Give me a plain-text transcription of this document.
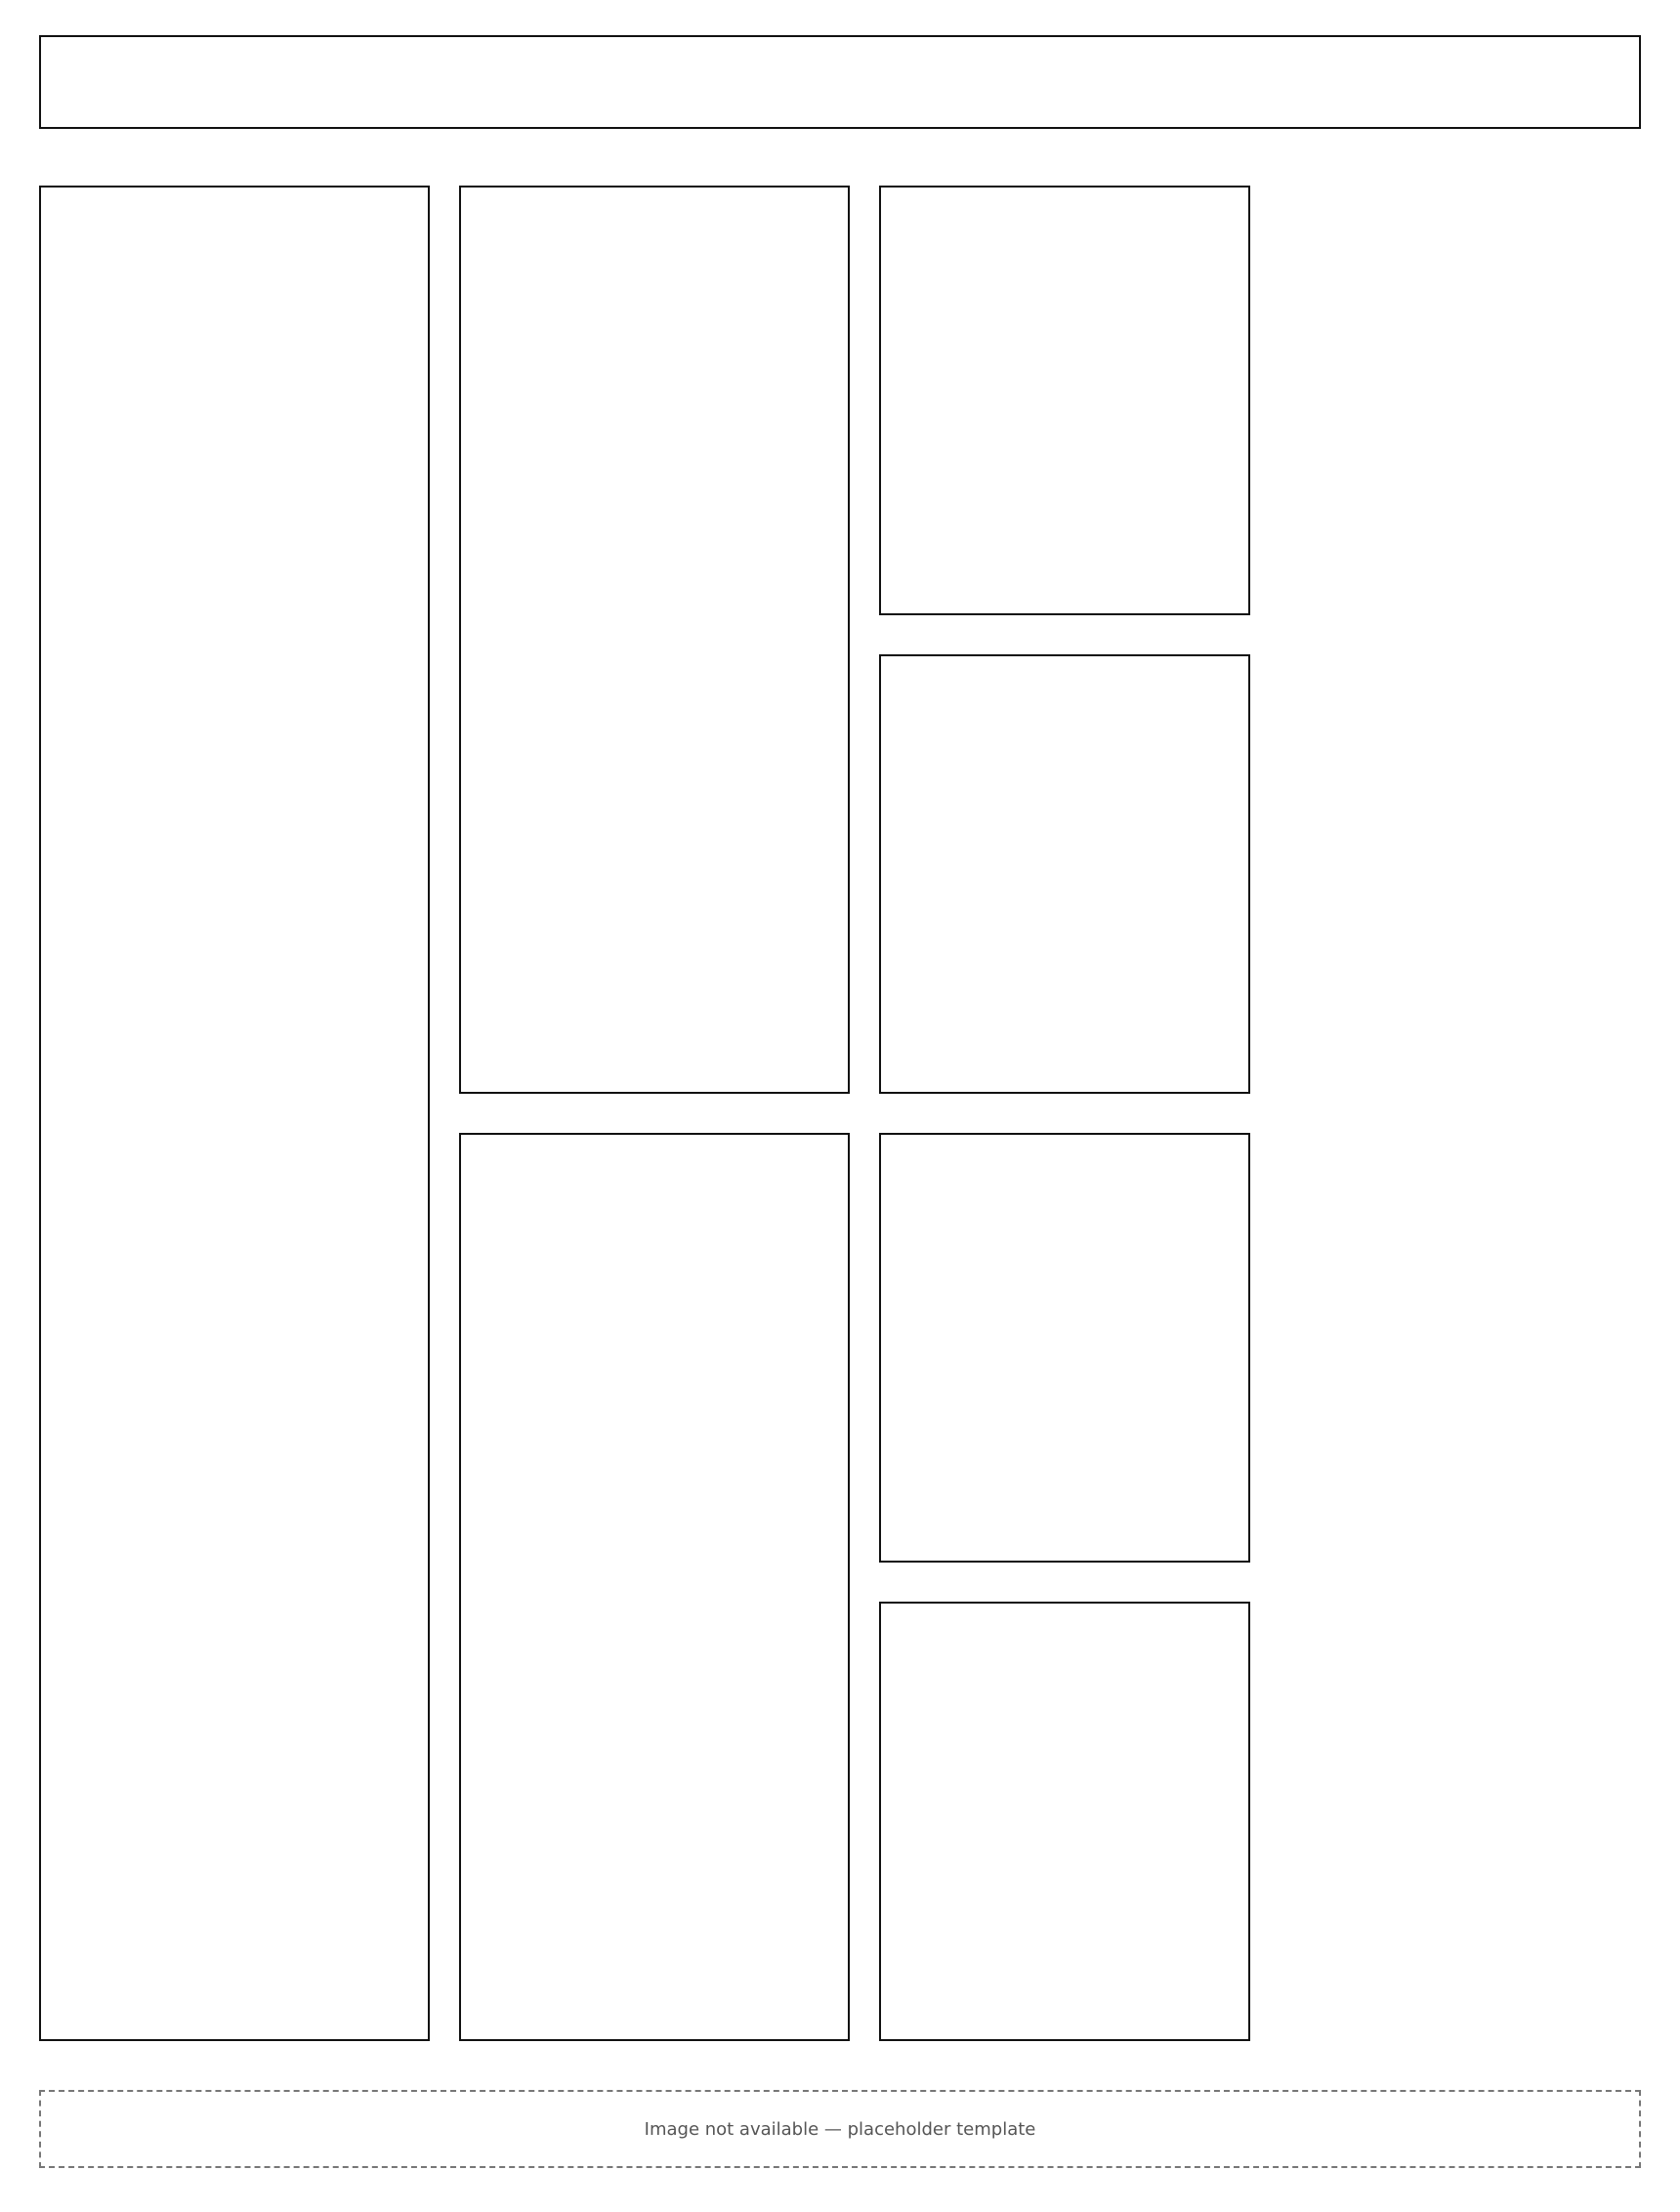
Image not available — placeholder template
